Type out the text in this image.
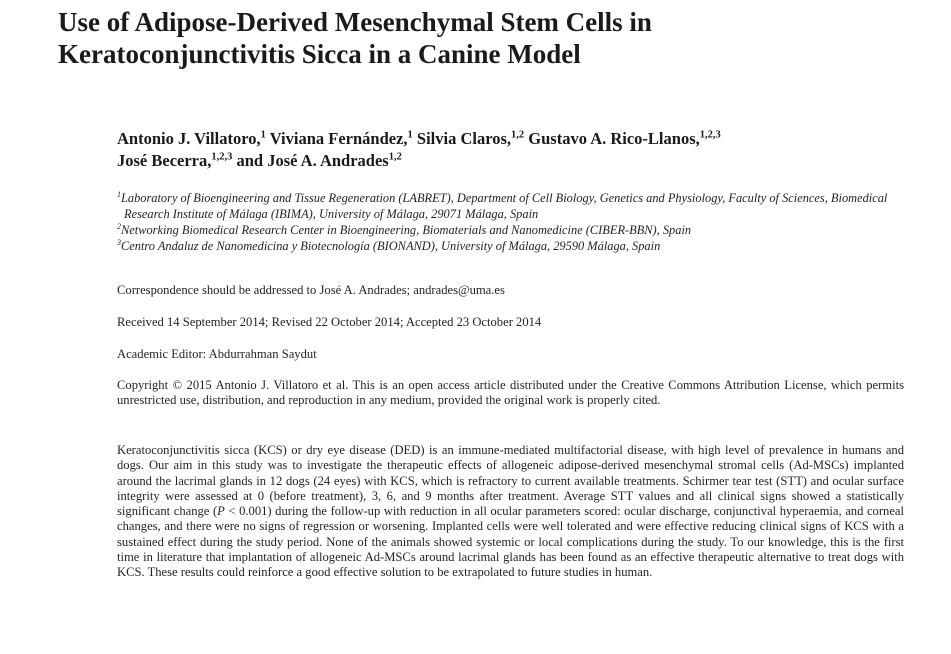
Use of Adipose-Derived Mesenchymal Stem Cells in
Keratoconjunctivitis Sicca in a Canine Model

Antonio J. Villatoro,$^1$ Viviana Fernández,$^1$ Silvia Claros,$^{1,2}$ Gustavo A. Rico-Llanos,$^{1,2,3}$
José Becerra,$^{1,2,3}$ and José A. Andrades$^{1,2}$

$^1$Laboratory of Bioengineering and Tissue Regeneration (LABRET), Department of Cell Biology, Genetics and Physiology, Faculty of Sciences, Biomedical Research Institute of Málaga (IBIMA), University of Málaga, 29071 Málaga, Spain

$^2$Networking Biomedical Research Center in Bioengineering, Biomaterials and Nanomedicine (CIBER-BBN), Spain

$^3$Centro Andaluz de Nanomedicina y Biotecnología (BIONAND), University of Málaga, 29590 Málaga, Spain

Correspondence should be addressed to José A. Andrades; andrades@uma.es

Received 14 September 2014; Revised 22 October 2014; Accepted 23 October 2014

Academic Editor: Abdurrahman Saydut

Copyright © 2015 Antonio J. Villatoro et al. This is an open access article distributed under the Creative Commons Attribution License, which permits unrestricted use, distribution, and reproduction in any medium, provided the original work is properly cited.

Keratoconjunctivitis sicca (KCS) or dry eye disease (DED) is an immune-mediated multifactorial disease, with high level of prevalence in humans and dogs. Our aim in this study was to investigate the therapeutic effects of allogeneic adipose-derived mesenchymal stromal cells (Ad-MSCs) implanted around the lacrimal glands in 12 dogs (24 eyes) with KCS, which is refractory to current available treatments. Schirmer tear test (STT) and ocular surface integrity were assessed at 0 (before treatment), 3, 6, and 9 months after treatment. Average STT values and all clinical signs showed a statistically significant change (P < 0.001) during the follow-up with reduction in all ocular parameters scored: ocular discharge, conjunctival hyperaemia, and corneal changes, and there were no signs of regression or worsening. Implanted cells were well tolerated and were effective reducing clinical signs of KCS with a sustained effect during the study period. None of the animals showed systemic or local complications during the study. To our knowledge, this is the first time in literature that implantation of allogeneic Ad-MSCs around lacrimal glands has been found as an effective therapeutic alternative to treat dogs with KCS. These results could reinforce a good effective solution to be extrapolated to future studies in human.
